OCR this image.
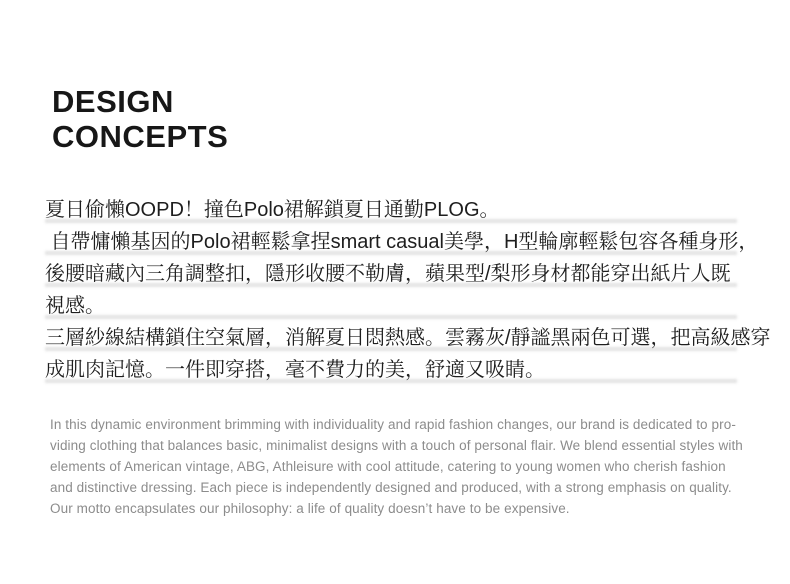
DESIGN
CONCEPTS
夏日偷懶OOPD！撞色Polo裙解鎖夏日通勤PLOG。
自帶慵懶基因的Polo裙輕鬆拿捏smart casual美學，H型輪廓輕鬆包容各種身形，
後腰暗藏內三角調整扣，隱形收腰不勒膚，蘋果型/梨形身材都能穿出紙片人既
視感。
三層紗線結構鎖住空氣層，消解夏日悶熱感。雲霧灰/靜謐黑兩色可選，把高級感穿
成肌肉記憶。一件即穿搭，毫不費力的美，舒適又吸睛。
In this dynamic environment brimming with individuality and rapid fashion changes, our brand is dedicated to pro-
viding clothing that balances basic, minimalist designs with a touch of personal flair. We blend essential styles with
elements of American vintage, ABG, Athleisure with cool attitude, catering to young women who cherish fashion
and distinctive dressing. Each piece is independently designed and produced, with a strong emphasis on quality.
Our motto encapsulates our philosophy: a life of quality doesn’t have to be expensive.
